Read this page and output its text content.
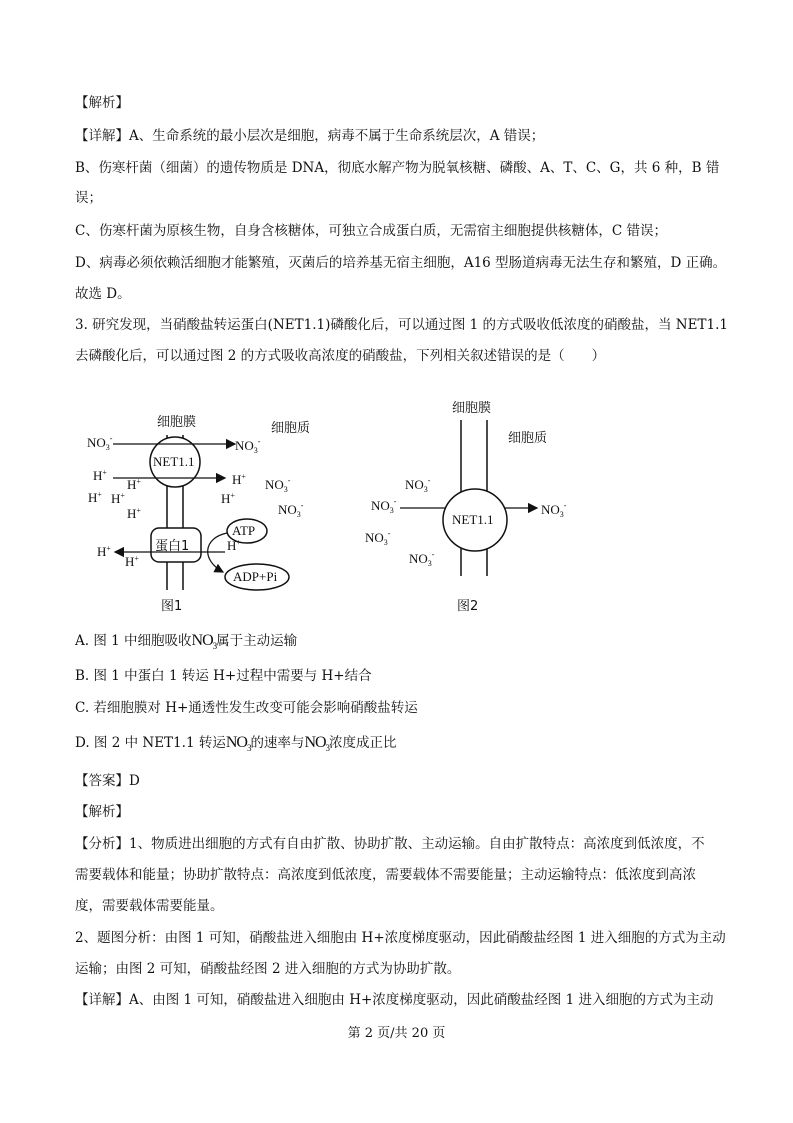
【解析】
【详解】A、生命系统的最小层次是细胞，病毒不属于生命系统层次，A 错误；
B、伤寒杆菌（细菌）的遗传物质是 DNA，彻底水解产物为脱氧核糖、磷酸、A、T、C、G，共 6 种，B 错
误；
C、伤寒杆菌为原核生物，自身含核糖体，可独立合成蛋白质，无需宿主细胞提供核糖体，C 错误；
D、病毒必须依赖活细胞才能繁殖，灭菌后的培养基无宿主细胞，A16 型肠道病毒无法生存和繁殖，D 正确。
故选 D。
3. 研究发现，当硝酸盐转运蛋白(NET1.1)磷酸化后，可以通过图 1 的方式吸收低浓度的硝酸盐，当 NET1.1
去磷酸化后，可以通过图 2 的方式吸收高浓度的硝酸盐，下列相关叙述错误的是（　　）
细胞膜	细胞质
NET1.1
$NO_3^-$	$NO_3^-$
H+	H+
H+
H+ H+
H+
H+
$NO_3^-$
$NO_3^-$
蛋白1
ATP
ADP+Pi
H+
H+
H+
图1
细胞膜
细胞质
NET1.1
$NO_3^-$
$NO_3^-$
$NO_3^-$
$NO_3^-$
$NO_3^-$
图2
A. 图 1 中细胞吸收$NO_3$属于主动运输
B. 图 1 中蛋白 1 转运 H+过程中需要与 H+结合
C. 若细胞膜对 H+通透性发生改变可能会影响硝酸盐转运
D. 图 2 中 NET1.1 转运$NO_3$的速率与$NO_3$浓度成正比
【答案】D
【解析】
【分析】1、物质进出细胞的方式有自由扩散、协助扩散、主动运输。自由扩散特点：高浓度到低浓度，不
需要载体和能量；协助扩散特点：高浓度到低浓度，需要载体不需要能量；主动运输特点：低浓度到高浓
度，需要载体需要能量。
2、题图分析：由图 1 可知，硝酸盐进入细胞由 H+浓度梯度驱动，因此硝酸盐经图 1 进入细胞的方式为主动
运输；由图 2 可知，硝酸盐经图 2 进入细胞的方式为协助扩散。
【详解】A、由图 1 可知，硝酸盐进入细胞由 H+浓度梯度驱动，因此硝酸盐经图 1 进入细胞的方式为主动
第 2 页/共 20 页
